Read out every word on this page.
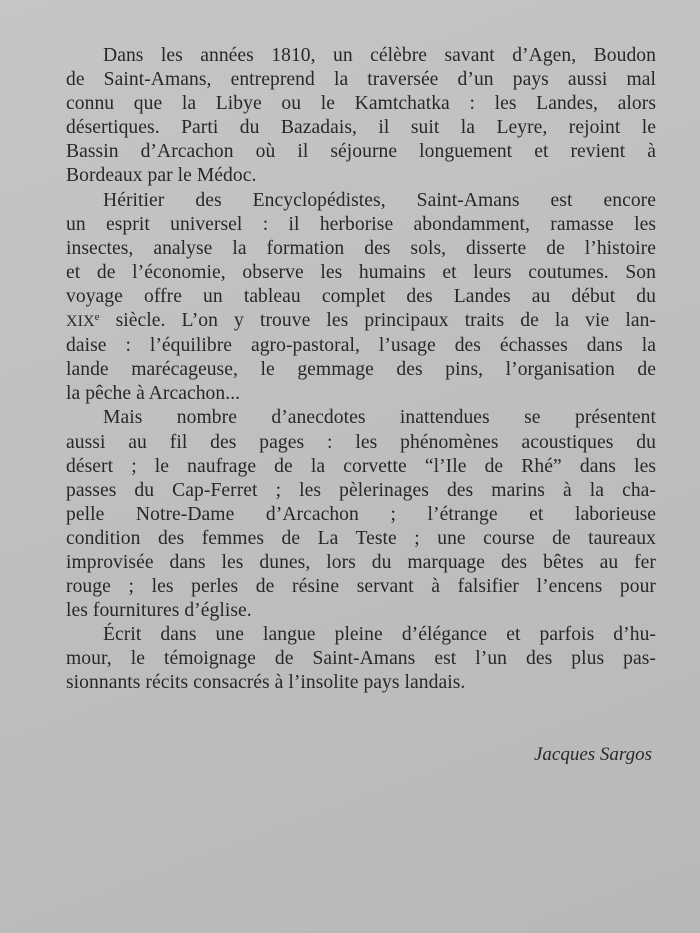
Dans les années 1810, un célèbre savant d’Agen, Boudon
de Saint-Amans, entreprend la traversée d’un pays aussi mal
connu que la Libye ou le Kamtchatka : les Landes, alors
désertiques. Parti du Bazadais, il suit la Leyre, rejoint le
Bassin d’Arcachon où il séjourne longuement et revient à
Bordeaux par le Médoc.

Héritier des Encyclopédistes, Saint-Amans est encore
un esprit universel : il herborise abondamment, ramasse les
insectes, analyse la formation des sols, disserte de l’histoire
et de l’économie, observe les humains et leurs coutumes. Son
voyage offre un tableau complet des Landes au début du
XIXe siècle. L’on y trouve les principaux traits de la vie lan-
daise : l’équilibre agro-pastoral, l’usage des échasses dans la
lande marécageuse, le gemmage des pins, l’organisation de
la pêche à Arcachon...

Mais nombre d’anecdotes inattendues se présentent
aussi au fil des pages : les phénomènes acoustiques du
désert ; le naufrage de la corvette “l’Ile de Rhé” dans les
passes du Cap-Ferret ; les pèlerinages des marins à la cha-
pelle Notre-Dame d’Arcachon ; l’étrange et laborieuse
condition des femmes de La Teste ; une course de taureaux
improvisée dans les dunes, lors du marquage des bêtes au fer
rouge ; les perles de résine servant à falsifier l’encens pour
les fournitures d’église.

Écrit dans une langue pleine d’élégance et parfois d’hu-
mour, le témoignage de Saint-Amans est l’un des plus pas-
sionnants récits consacrés à l’insolite pays landais.

Jacques Sargos
